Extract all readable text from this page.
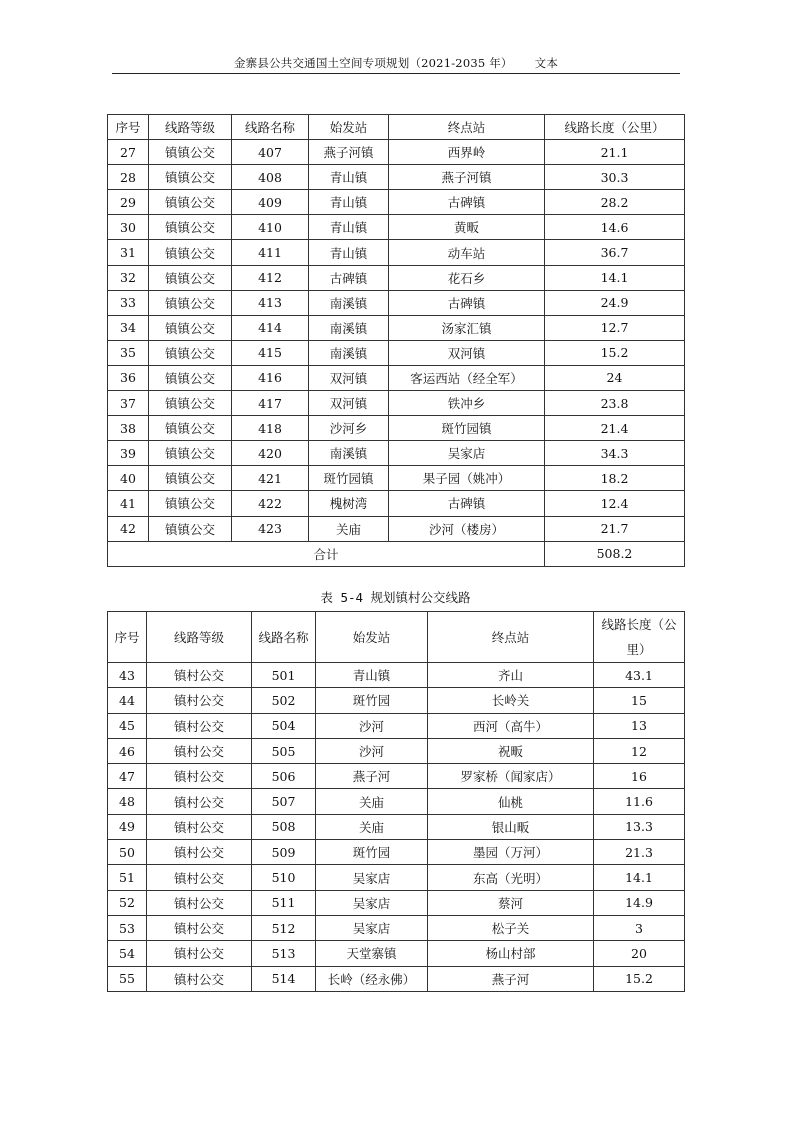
金寨县公共交通国土空间专项规划（2021-2035 年） 文本
序号	线路等级	线路名称	始发站	终点站	线路长度（公里）
27	镇镇公交	407	燕子河镇	西界岭	21.1
28	镇镇公交	408	青山镇	燕子河镇	30.3
29	镇镇公交	409	青山镇	古碑镇	28.2
30	镇镇公交	410	青山镇	黄畈	14.6
31	镇镇公交	411	青山镇	动车站	36.7
32	镇镇公交	412	古碑镇	花石乡	14.1
33	镇镇公交	413	南溪镇	古碑镇	24.9
34	镇镇公交	414	南溪镇	汤家汇镇	12.7
35	镇镇公交	415	南溪镇	双河镇	15.2
36	镇镇公交	416	双河镇	客运西站（经全军）	24
37	镇镇公交	417	双河镇	铁冲乡	23.8
38	镇镇公交	418	沙河乡	斑竹园镇	21.4
39	镇镇公交	420	南溪镇	吴家店	34.3
40	镇镇公交	421	斑竹园镇	果子园（姚冲）	18.2
41	镇镇公交	422	槐树湾	古碑镇	12.4
42	镇镇公交	423	关庙	沙河（楼房）	21.7
合计					508.2
表 5-4 规划镇村公交线路
序号	线路等级	线路名称	始发站	终点站	线路长度（公里）
43	镇村公交	501	青山镇	齐山	43.1
44	镇村公交	502	斑竹园	长岭关	15
45	镇村公交	504	沙河	西河（高牛）	13
46	镇村公交	505	沙河	祝畈	12
47	镇村公交	506	燕子河	罗家桥（闻家店）	16
48	镇村公交	507	关庙	仙桃	11.6
49	镇村公交	508	关庙	银山畈	13.3
50	镇村公交	509	斑竹园	墨园（万河）	21.3
51	镇村公交	510	吴家店	东高（光明）	14.1
52	镇村公交	511	吴家店	蔡河	14.9
53	镇村公交	512	吴家店	松子关	3
54	镇村公交	513	天堂寨镇	杨山村部	20
55	镇村公交	514	长岭（经永佛）	燕子河	15.2
